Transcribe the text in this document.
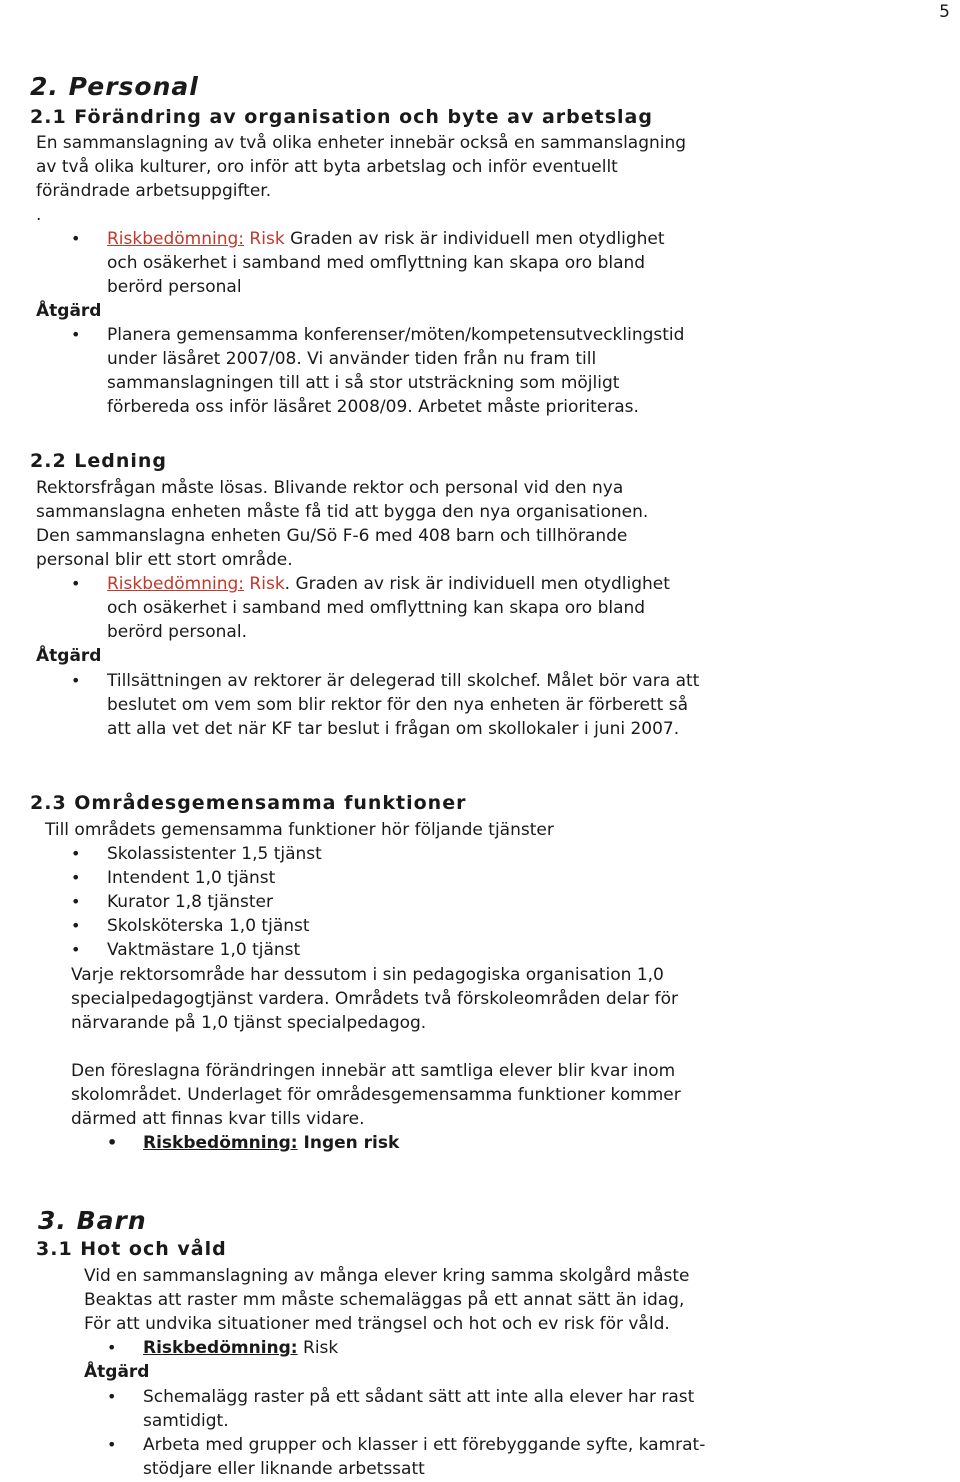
5
2. Personal
2.1 Förändring av organisation och byte av arbetslag
En sammanslagning av två olika enheter innebär också en sammanslagning
av två olika kulturer, oro inför att byta arbetslag och inför eventuellt
förändrade arbetsuppgifter.
.
• Riskbedömning: Risk Graden av risk är individuell men otydlighet
och osäkerhet i samband med omflyttning kan skapa oro bland
berörd personal
Åtgärd
• Planera gemensamma konferenser/möten/kompetensutvecklingstid
under läsåret 2007/08. Vi använder tiden från nu fram till
sammanslagningen till att i så stor utsträckning som möjligt
förbereda oss inför läsåret 2008/09. Arbetet måste prioriteras.
2.2 Ledning
Rektorsfrågan måste lösas. Blivande rektor och personal vid den nya
sammanslagna enheten måste få tid att bygga den nya organisationen.
Den sammanslagna enheten Gu/Sö F-6 med 408 barn och tillhörande
personal blir ett stort område.
• Riskbedömning: Risk. Graden av risk är individuell men otydlighet
och osäkerhet i samband med omflyttning kan skapa oro bland
berörd personal.
Åtgärd
• Tillsättningen av rektorer är delegerad till skolchef. Målet bör vara att
beslutet om vem som blir rektor för den nya enheten är förberett så
att alla vet det när KF tar beslut i frågan om skollokaler i juni 2007.
2.3 Områdesgemensamma funktioner
Till områdets gemensamma funktioner hör följande tjänster
• Skolassistenter 1,5 tjänst
• Intendent 1,0 tjänst
• Kurator 1,8 tjänster
• Skolsköterska 1,0 tjänst
• Vaktmästare 1,0 tjänst
Varje rektorsområde har dessutom i sin pedagogiska organisation 1,0
specialpedagogtjänst vardera. Områdets två förskoleområden delar för
närvarande på 1,0 tjänst specialpedagog.
Den föreslagna förändringen innebär att samtliga elever blir kvar inom
skolområdet. Underlaget för områdesgemensamma funktioner kommer
därmed att finnas kvar tills vidare.
• Riskbedömning: Ingen risk
3. Barn
3.1 Hot och våld
Vid en sammanslagning av många elever kring samma skolgård måste
Beaktas att raster mm måste schemaläggas på ett annat sätt än idag,
För att undvika situationer med trängsel och hot och ev risk för våld.
• Riskbedömning: Risk
Åtgärd
• Schemalägg raster på ett sådant sätt att inte alla elever har rast
samtidigt.
• Arbeta med grupper och klasser i ett förebyggande syfte, kamrat-
stödjare eller liknande arbetssatt
